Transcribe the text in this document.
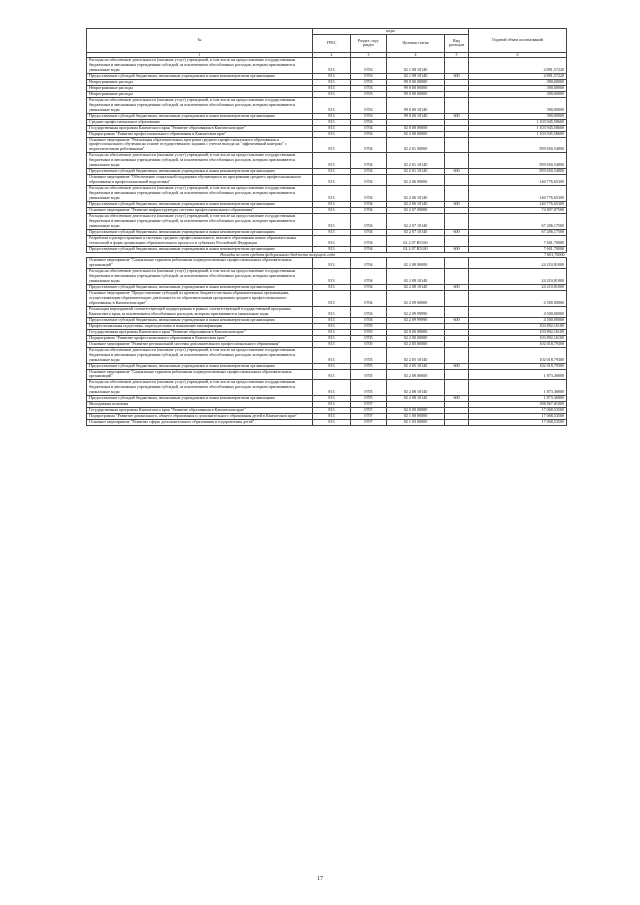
№	коды				Годовой объем ассигнований	
	ГРБС	Раздел, под- раздел	Целевая статья	Вид расходов		
1	2	3	4	5	6	
Расходы на обеспечение деятельности (оказание услуг) учреждений, в том числе на предоставление государственным бюджетным и автономным учреждениям субсидий, за исключением обособленных расходов, которым присваиваются уникальные коды	813	0703	02 1 08 10140		4 891,57220	
Предоставление субсидий бюджетным, автономным учреждениям и иным некоммерческим организациям	813	0703	02 1 08 10140	600	4 891,57220	
Непрограммные расходы	813	0703	99 0 00 00000		390,00000	
Непрограммные расходы	813	0703	99 0 00 00000		390,00000	
Непрограммные расходы	813	0703	99 0 00 00000		390,00000	
Расходы на обеспечение деятельности (оказание услуг) учреждений, в том числе на предоставление государственным бюджетным и автономным учреждениям субсидий, за исключением обособленных расходов, которым присваиваются уникальные коды	813	0703	99 0 00 10140		390,00000	
Предоставление субсидий бюджетным, автономным учреждениям и иным некоммерческим организациям	813	0703	99 0 00 10140	600	390,00000	
Среднее профессиональное образование	813	0704			1 103 945,58600	
Государственная программа Камчатского края "Развитие образования в Камчатском крае"	813	0704	02 0 00 00000		1 103 945,58600	
Подпрограмма "Развитие профессионального образования в Камчатском крае"	813	0704	02 2 00 00000		1 103 945,58600	
Основное мероприятие "Реализация образовательных программ среднего профессионального образования и профессионального обучения на основе государственного задания с учетом выхода на "эффективный контракт" с педагогическими работниками"	813	0704	02 2 01 00000		859 650,54800	
Расходы на обеспечение деятельности (оказание услуг) учреждений, в том числе на предоставление государственным бюджетным и автономным учреждениям субсидий, за исключением обособленных расходов, которым присваиваются уникальные коды	813	0704	02 2 01 10140		859 650,54800	
Предоставление субсидий бюджетным, автономным учреждениям и иным некоммерческим организациям	813	0704	02 2 01 10140	600	859 650,54800	
Основное мероприятие "Обеспечение социальной поддержки обучающихся по программам среднего профессионального образования и профессиональной подготовки"	813	0704	02 2 06 00000		140 776,65300	
Расходы на обеспечение деятельности (оказание услуг) учреждений, в том числе на предоставление государственным бюджетным и автономным учреждениям субсидий, за исключением обособленных расходов, которым присваиваются уникальные коды	813	0704	02 2 06 10140		140 776,65300	
Предоставление субсидий бюджетным, автономным учреждениям и иным некоммерческим организациям	813	0704	02 2 06 10140	600	140 776,65300	
Основное мероприятие "Развитие инфраструктуры системы профессионального образования"	813	0704	02 2 07 00000		74 807,87500	
Расходы на обеспечение деятельности (оказание услуг) учреждений, в том числе на предоставление государственным бюджетным и автономным учреждениям субсидий, за исключением обособленных расходов, которым присваиваются уникальные коды	813	0704	02 2 07 10140		67 206,17500	
Предоставление субсидий бюджетным, автономным учреждениям и иным некоммерческим организациям	813	0704	02 2 07 10140	600	67 206,17500	
Разработка и распространение в системах среднего профессионального, высшего образования новых образовательных технологий и форм организации образовательного процесса в субъектах Российской Федерации	813	0704	02 2 07 R5330		7 601,70000	
Предоставление субсидий бюджетным, автономным учреждениям и иным некоммерческим организациям	813	0704	02 2 07 R5330	600	7 601,70000	
Расходы за счет средств федерального бюджета текущего года					7 601,70000	
Основное мероприятие "Социальные гарантии работникам подведомственных профессиональных образовательных организаций"	813	0704	02 2 08 00000		24 210,81000	
Расходы на обеспечение деятельности (оказание услуг) учреждений, в том числе на предоставление государственным бюджетным и автономным учреждениям субсидий, за исключением обособленных расходов, которым присваиваются уникальные коды	813	0704	02 2 08 10140		24 210,81000	
Предоставление субсидий бюджетным, автономным учреждениям и иным некоммерческим организациям	813	0704	02 2 08 10140	600	24 210,81000	
Основное мероприятие "Предоставление субсидий из краевого бюджета частным образовательным организациям, осуществляющим образовательную деятельность по образовательным программам среднего профессионального образования, в Камчатском крае"	813	0704	02 2 09 00000		4 500,00000	
Реализация мероприятий соответствующей подпрограммы в рамках соответствующей государственной программы Камчатского края, за исключением обособленных расходов, которым присваиваются уникальные коды	813	0704	02 2 09 99990		4 500,00000	
Предоставление субсидий бюджетным, автономным учреждениям и иным некоммерческим организациям	813	0704	02 2 09 99990	600	4 500,00000	
Профессиональная подготовка, переподготовка и повышение квалификации	813	0705			103 892,16100	
Государственная программа Камчатского края "Развитие образования в Камчатском крае"	813	0705	02 0 00 00000		103 892,16100	
Подпрограмма "Развитие профессионального образования в Камчатском крае"	813	0705	02 2 00 00000		103 892,16100	
Основное мероприятие "Развитие региональной системы дополнительного профессионального образования"	813	0705	02 2 05 00000		102 018,79300	
Расходы на обеспечение деятельности (оказание услуг) учреждений, в том числе на предоставление государственным бюджетным и автономным учреждениям субсидий, за исключением обособленных расходов, которым присваиваются уникальные коды	813	0705	02 2 05 10140		102 018,79300	
Предоставление субсидий бюджетным, автономным учреждениям и иным некоммерческим организациям	813	0705	02 2 05 10140	600	102 018,79300	
Основное мероприятие "Социальные гарантии работникам подведомственных профессиональных образовательных организаций"	813	0705	02 2 08 00000		1 873,36800	
Расходы на обеспечение деятельности (оказание услуг) учреждений, в том числе на предоставление государственным бюджетным и автономным учреждениям субсидий, за исключением обособленных расходов, которым присваиваются уникальные коды	813	0705	02 2 08 10140		1 873,36800	
Предоставление субсидий бюджетным, автономным учреждениям и иным некоммерческим организациям	813	0705	02 2 08 10140	600	1 873,36800	
Молодежная политика	813	0707			398 867,81000	
Государственная программа Камчатского края "Развитие образования в Камчатском крае"	813	0707	02 0 00 00000		17 068,53500	
Подпрограмма "Развитие дошкольного, общего образования и дополнительного образования детей в Камчатском крае"	813	0707	02 1 00 00000		17 068,53500	
Основное мероприятие "Развитие сферы дополнительного образования и оздоровления детей"	813	0707	02 1 03 00000		17 068,53500	
17
